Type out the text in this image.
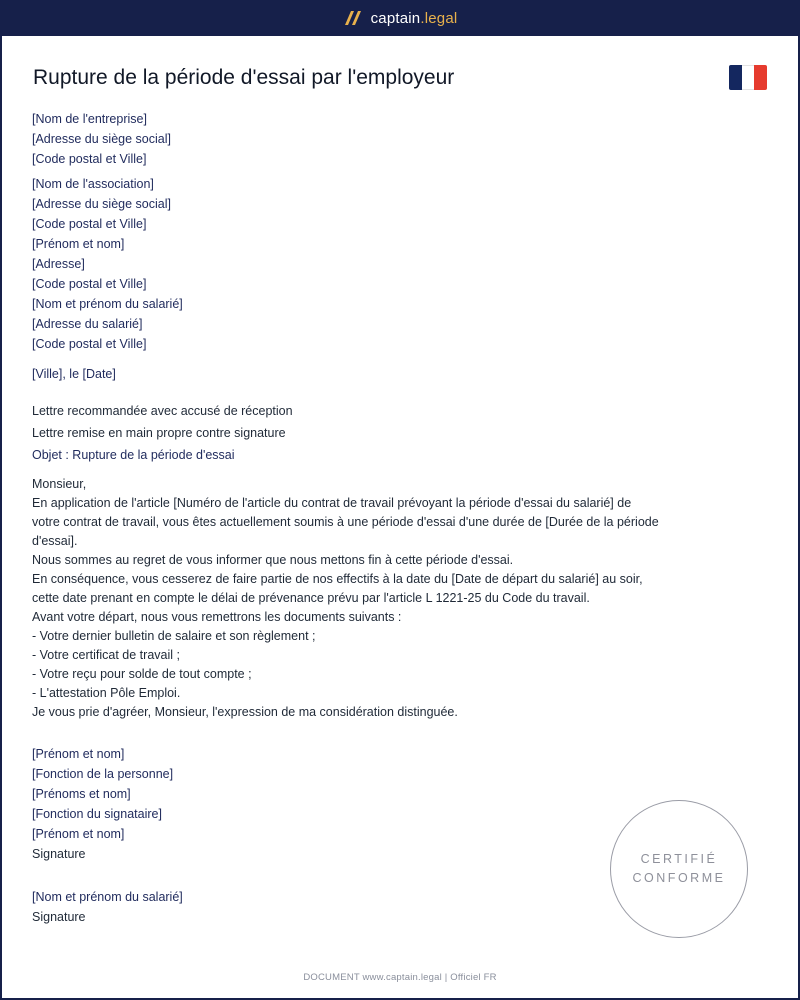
captain.legal
Rupture de la période d'essai par l'employeur
[Nom de l'entreprise]
[Adresse du siège social]
[Code postal et Ville]
[Nom de l'association]
[Adresse du siège social]
[Code postal et Ville]
[Prénom et nom]
[Adresse]
[Code postal et Ville]
[Nom et prénom du salarié]
[Adresse du salarié]
[Code postal et Ville]
[Ville], le [Date]
Lettre recommandée avec accusé de réception
Lettre remise en main propre contre signature
Objet : Rupture de la période d'essai
Monsieur,
En application de l'article [Numéro de l'article du contrat de travail prévoyant la période d'essai du salarié] de
votre contrat de travail, vous êtes actuellement soumis à une période d'essai d'une durée de [Durée de la période
d'essai].
Nous sommes au regret de vous informer que nous mettons fin à cette période d'essai.
En conséquence, vous cesserez de faire partie de nos effectifs à la date du [Date de départ du salarié] au soir,
cette date prenant en compte le délai de prévenance prévu par l'article L 1221-25 du Code du travail.
Avant votre départ, nous vous remettrons les documents suivants :
- Votre dernier bulletin de salaire et son règlement ;
- Votre certificat de travail ;
- Votre reçu pour solde de tout compte ;
- L'attestation Pôle Emploi.
Je vous prie d'agréer, Monsieur, l'expression de ma considération distinguée.
[Prénom et nom]
[Fonction de la personne]
[Prénoms et nom]
[Fonction du signataire]
[Prénom et nom]
Signature
[Nom et prénom du salarié]
Signature
CERTIFIÉ
CONFORME
DOCUMENT www.captain.legal | Officiel FR
